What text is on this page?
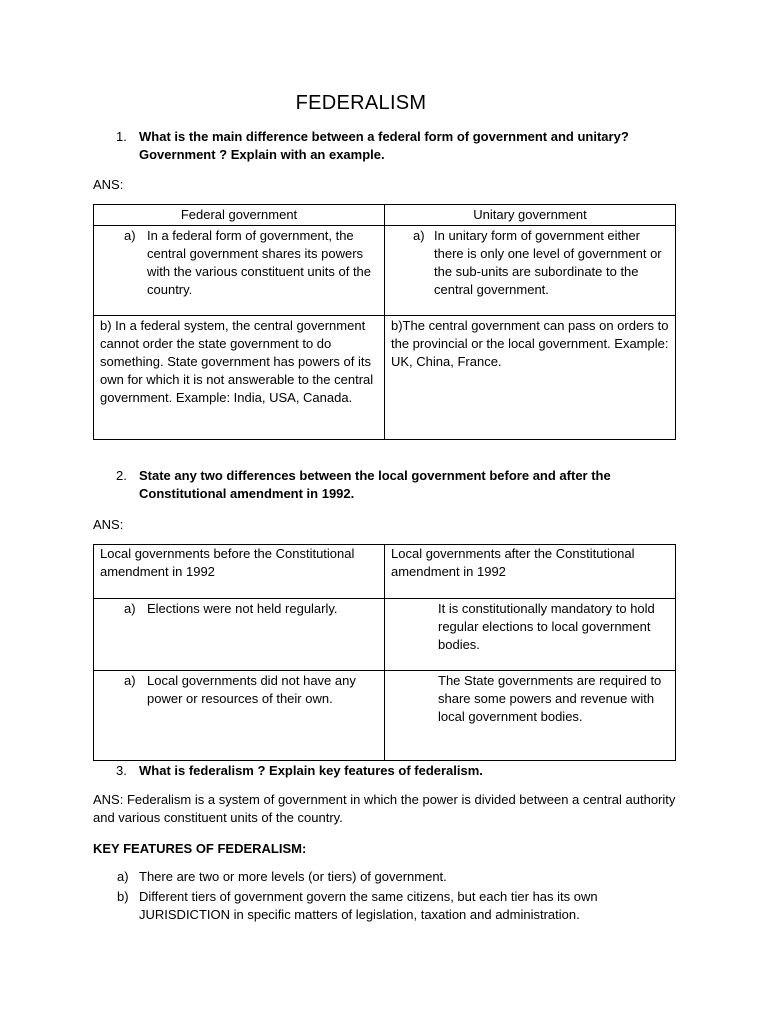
FEDERALISM
1. What is the main difference between a federal form of government and unitary? Government ? Explain with an example.
ANS:
Federal government	Unitary government

a) In a federal form of government, the central government shares its powers with the various constituent units of the country.	a) In unitary form of government either there is only one level of government or the sub-units are subordinate to the central government.

b) In a federal system, the central government cannot order the state government to do something. State government has powers of its own for which it is not answerable to the central government. Example: India, USA, Canada.	b)The central government can pass on orders to the provincial or the local government. Example: UK, China, France.
2. State any two differences between the local government before and after the Constitutional amendment in 1992.
ANS:
Local governments before the Constitutional amendment in 1992	Local governments after the Constitutional amendment in 1992

a) Elections were not held regularly.	It is constitutionally mandatory to hold regular elections to local government bodies.

a) Local governments did not have any power or resources of their own.	The State governments are required to share some powers and revenue with local government bodies.
3. What is federalism ? Explain key features of federalism.
ANS: Federalism is a system of government in which the power is divided between a central authority and various constituent units of the country.
KEY FEATURES OF FEDERALISM:
a) There are two or more levels (or tiers) of government.
b) Different tiers of government govern the same citizens, but each tier has its own JURISDICTION in specific matters of legislation, taxation and administration.
